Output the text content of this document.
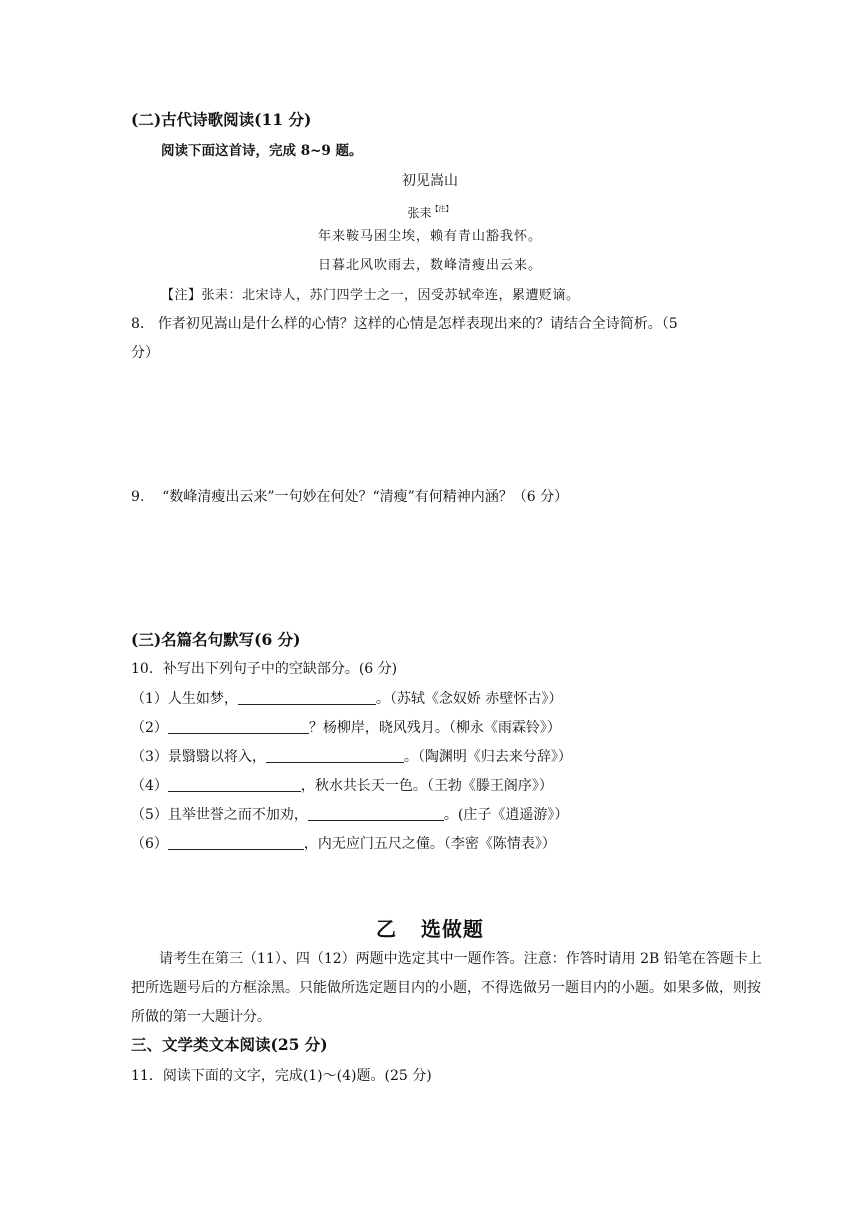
(二)古代诗歌阅读(11 分)
阅读下面这首诗，完成 8~9 题。
初见嵩山
张耒$^{【注】}$
年来鞍马困尘埃，赖有青山豁我怀。
日暮北风吹雨去，数峰清瘦出云来。
【注】张耒：北宋诗人，苏门四学士之一，因受苏轼牵连，累遭贬谪。
8.   作者初见嵩山是什么样的心情？这样的心情是怎样表现出来的？请结合全诗简析。（5
分）
9.    “数峰清瘦出云来”一句妙在何处？“清瘦”有何精神内涵？（6 分）
(三)名篇名句默写(6 分)
10．补写出下列句子中的空缺部分。(6 分)
（1）人生如梦，	。（苏轼《念奴娇 赤壁怀古》）
（2）	？杨柳岸，晓风残月。（柳永《雨霖铃》）
（3）景翳翳以将入，	。（陶渊明《归去来兮辞》）
（4）	，秋水共长天一色。（王勃《滕王阁序》）
（5）且举世誉之而不加劝，	。(庄子《逍遥游》）
（6）	，内无应门五尺之僮。（李密《陈情表》）
乙   选做题
请考生在第三（11）、四（12）两题中选定其中一题作答。注意：作答时请用 2B 铅笔在答题卡上把所选题号后的方框涂黑。只能做所选定题目内的小题，不得选做另一题目内的小题。如果多做，则按所做的第一大题计分。
三、文学类文本阅读(25 分)
11．阅读下面的文字，完成(1)～(4)题。(25 分)
